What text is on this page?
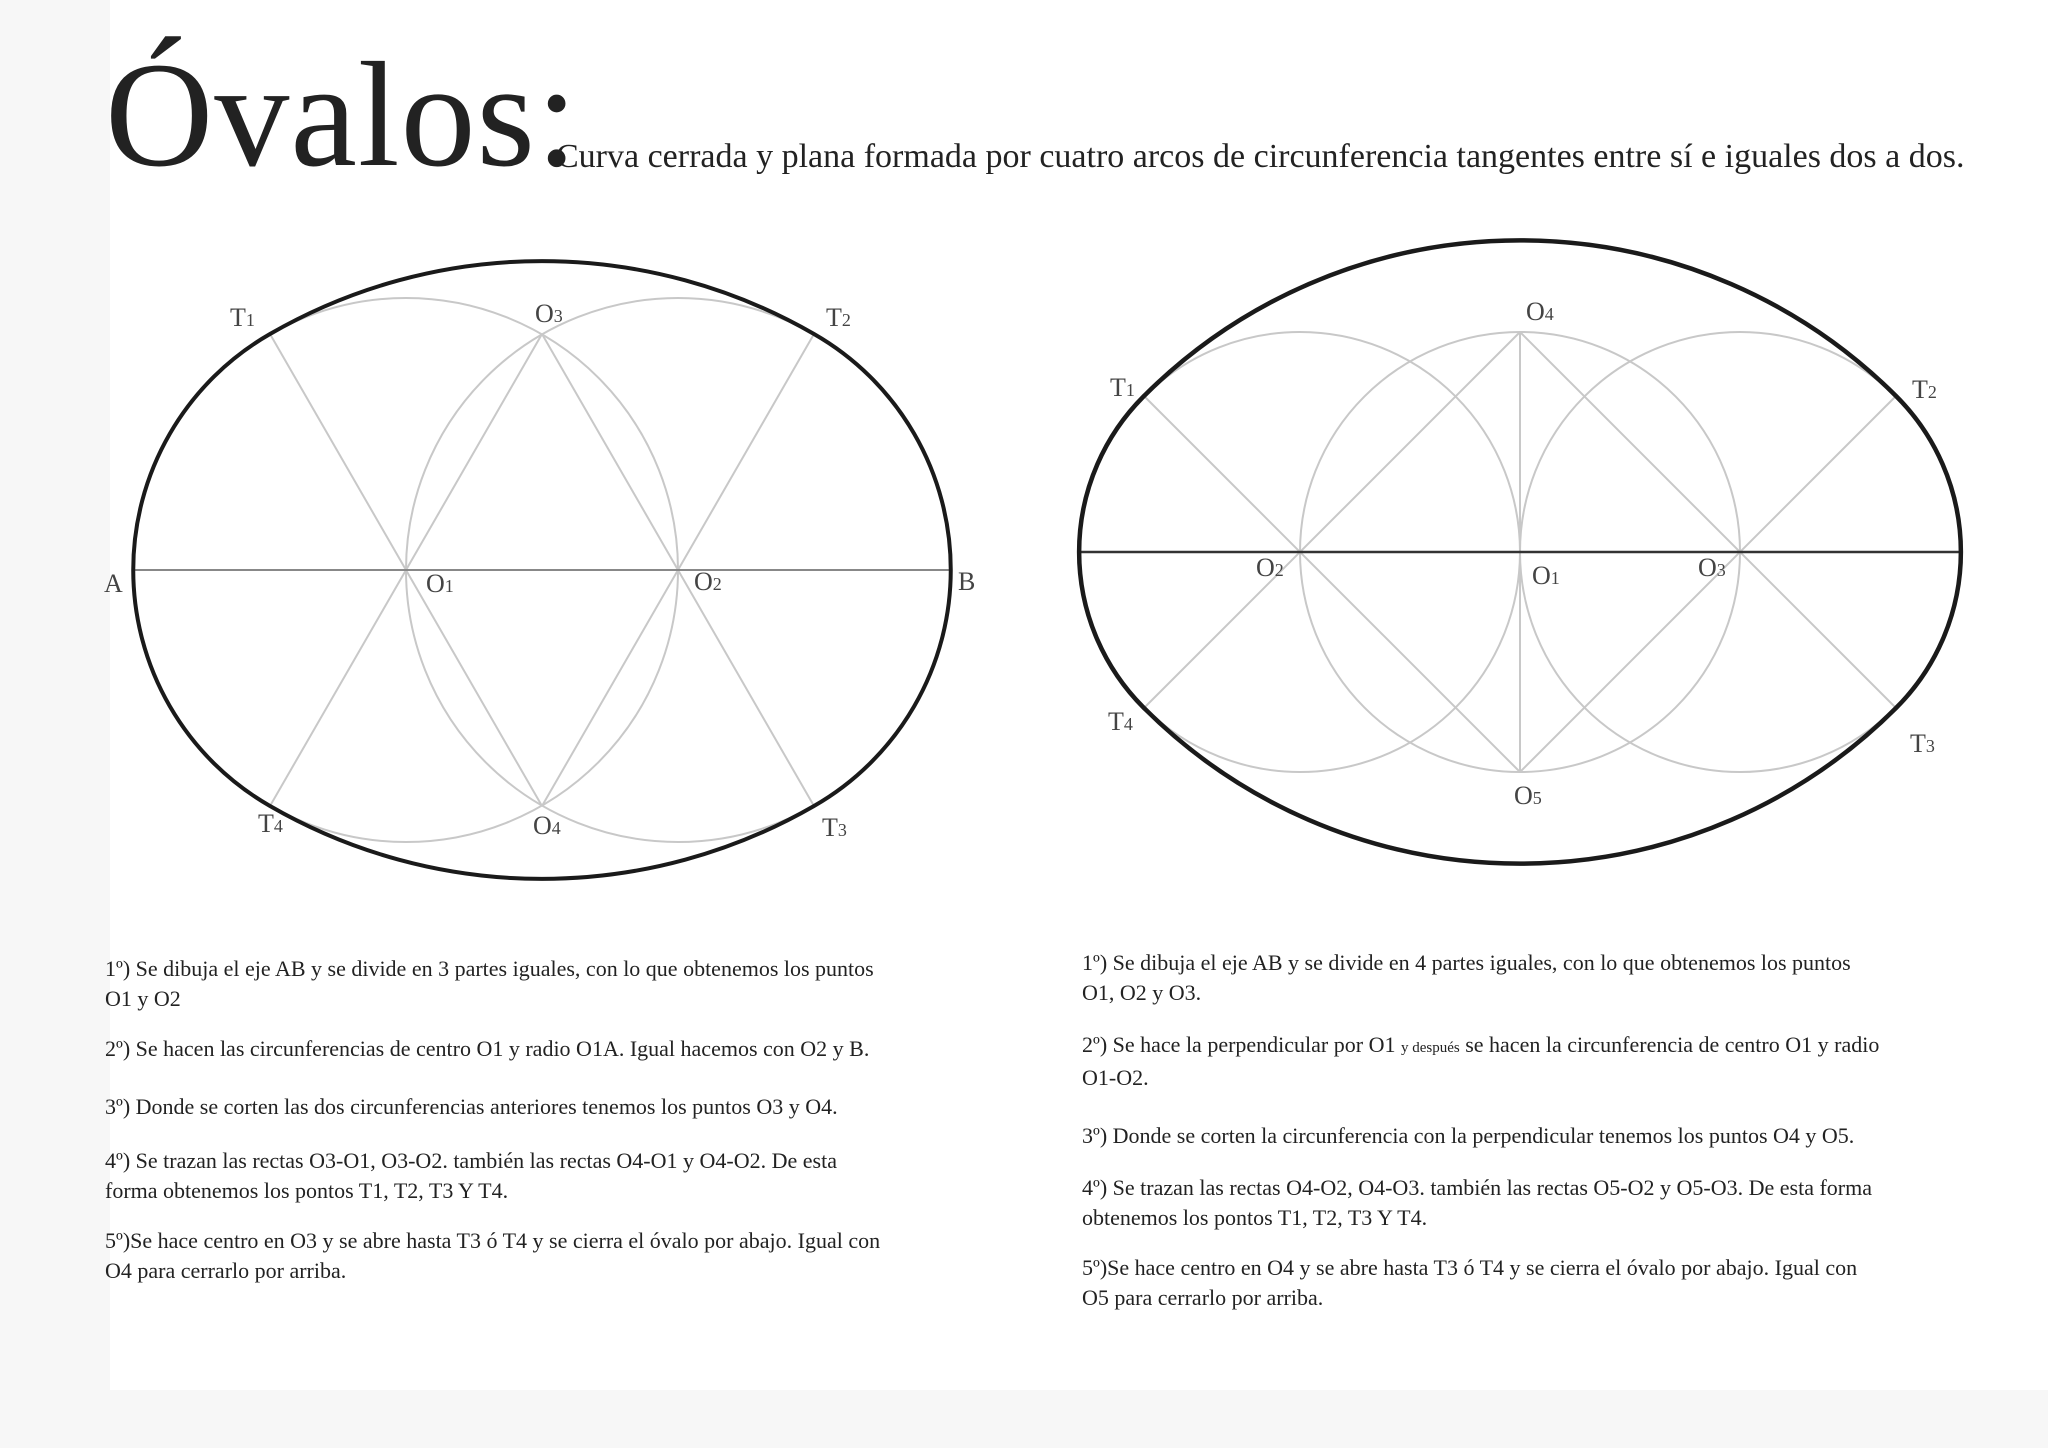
Óvalos:
Curva cerrada y plana formada por cuatro arcos de circunferencia tangentes entre sí e iguales dos a dos.
A	B
T1	T2
T3
T4
O1	O2
O3
O4
T1	T2
T3
T4
O1
O2	O3
O4
O5

1º) Se dibuja el eje AB y se divide en 3 partes iguales, con lo que obtenemos los puntos O1 y O2

2º) Se hacen las circunferencias de centro O1 y radio O1A. Igual hacemos con O2 y B.

3º) Donde se corten las dos circunferencias anteriores tenemos los puntos O3 y O4.

4º) Se trazan las rectas O3-O1, O3-O2. también las rectas O4-O1 y O4-O2. De esta forma obtenemos los pontos T1, T2, T3 Y T4.

5º)Se hace centro en O3 y se abre hasta T3 ó T4 y se cierra el óvalo por abajo. Igual con O4 para cerrarlo por arriba.

1º) Se dibuja el eje AB y se divide en 4 partes iguales, con lo que obtenemos los puntos O1, O2 y O3.

2º) Se hace la perpendicular por O1 y después se hacen la circunferencia de centro O1 y radio O1-O2.

3º) Donde se corten la circunferencia con la perpendicular tenemos los puntos O4 y O5.

4º) Se trazan las rectas O4-O2, O4-O3. también las rectas O5-O2 y O5-O3. De esta forma obtenemos los pontos T1, T2, T3 Y T4.

5º)Se hace centro en O4 y se abre hasta T3 ó T4 y se cierra el óvalo por abajo. Igual con O5 para cerrarlo por arriba.
